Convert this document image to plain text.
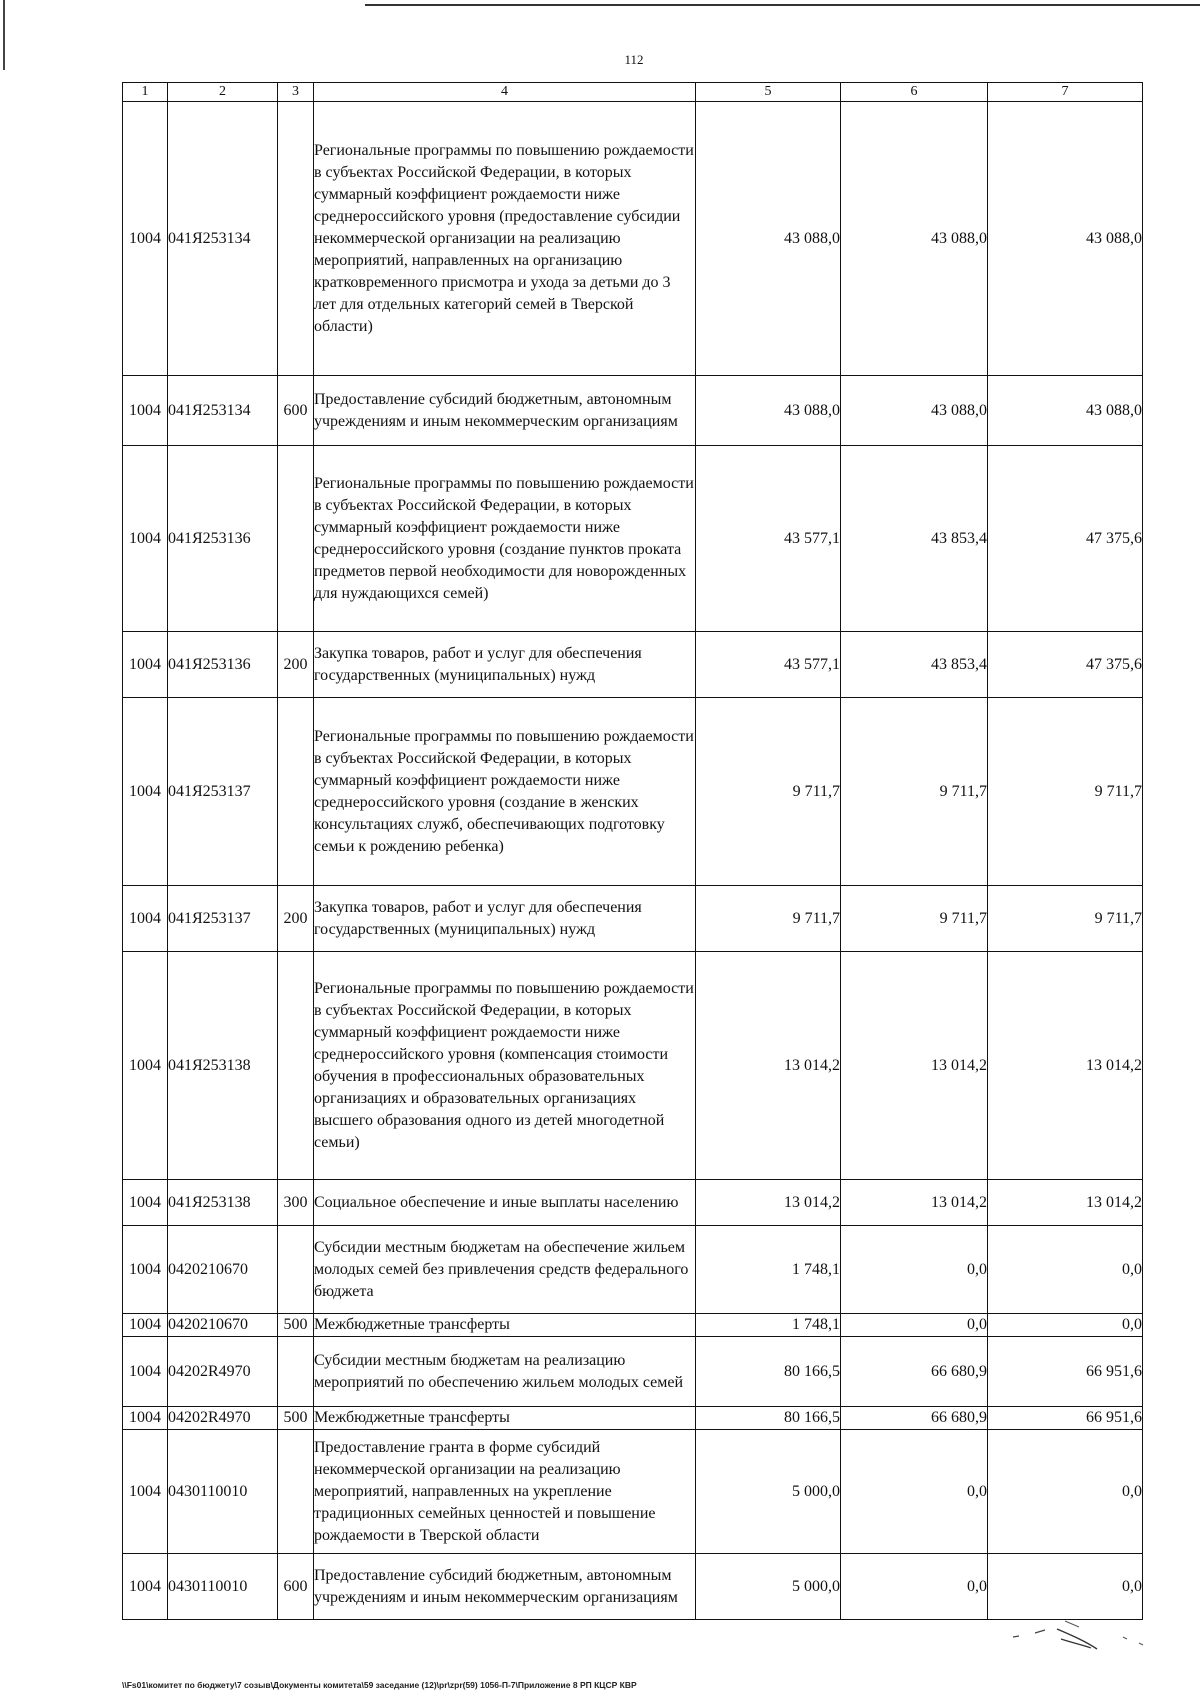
112
1	2	3	4	5	6	7
1004	041Я253134		Региональные программы по повышению рождаемости в субъектах Российской Федерации, в которых суммарный коэффициент рождаемости ниже среднероссийского уровня (предоставление субсидии некоммерческой организации на реализацию мероприятий, направленных на организацию кратковременного присмотра и ухода за детьми до 3 лет для отдельных категорий семей в Тверской области)	43 088,0	43 088,0	43 088,0
1004	041Я253134	600	Предоставление субсидий бюджетным, автономным учреждениям и иным некоммерческим организациям	43 088,0	43 088,0	43 088,0
1004	041Я253136		Региональные программы по повышению рождаемости в субъектах Российской Федерации, в которых суммарный коэффициент рождаемости ниже среднероссийского уровня (создание пунктов проката предметов первой необходимости для новорожденных для нуждающихся семей)	43 577,1	43 853,4	47 375,6
1004	041Я253136	200	Закупка товаров, работ и услуг для обеспечения государственных (муниципальных) нужд	43 577,1	43 853,4	47 375,6
1004	041Я253137		Региональные программы по повышению рождаемости в субъектах Российской Федерации, в которых суммарный коэффициент рождаемости ниже среднероссийского уровня (создание в женских консультациях служб, обеспечивающих подготовку семьи к рождению ребенка)	9 711,7	9 711,7	9 711,7
1004	041Я253137	200	Закупка товаров, работ и услуг для обеспечения государственных (муниципальных) нужд	9 711,7	9 711,7	9 711,7
1004	041Я253138		Региональные программы по повышению рождаемости в субъектах Российской Федерации, в которых суммарный коэффициент рождаемости ниже среднероссийского уровня (компенсация стоимости обучения в профессиональных образовательных организациях и образовательных организациях высшего образования одного из детей многодетной семьи)	13 014,2	13 014,2	13 014,2
1004	041Я253138	300	Социальное обеспечение и иные выплаты населению	13 014,2	13 014,2	13 014,2
1004	0420210670		Субсидии местным бюджетам на обеспечение жильем молодых семей без привлечения средств федерального бюджета	1 748,1	0,0	0,0
1004	0420210670	500	Межбюджетные трансферты	1 748,1	0,0	0,0
1004	04202R4970		Субсидии местным бюджетам на реализацию мероприятий по обеспечению жильем молодых семей	80 166,5	66 680,9	66 951,6
1004	04202R4970	500	Межбюджетные трансферты	80 166,5	66 680,9	66 951,6
1004	0430110010		Предоставление гранта в форме субсидий некоммерческой организации на реализацию мероприятий, направленных на укрепление традиционных семейных ценностей и повышение рождаемости в Тверской области	5 000,0	0,0	0,0
1004	0430110010	600	Предоставление субсидий бюджетным, автономным учреждениям и иным некоммерческим организациям	5 000,0	0,0	0,0
\\Fs01\комитет по бюджету\7 созыв\Документы комитета\59 заседание (12)\pr\zpr(59) 1056-П-7\Приложение 8 РП КЦСР КВР
